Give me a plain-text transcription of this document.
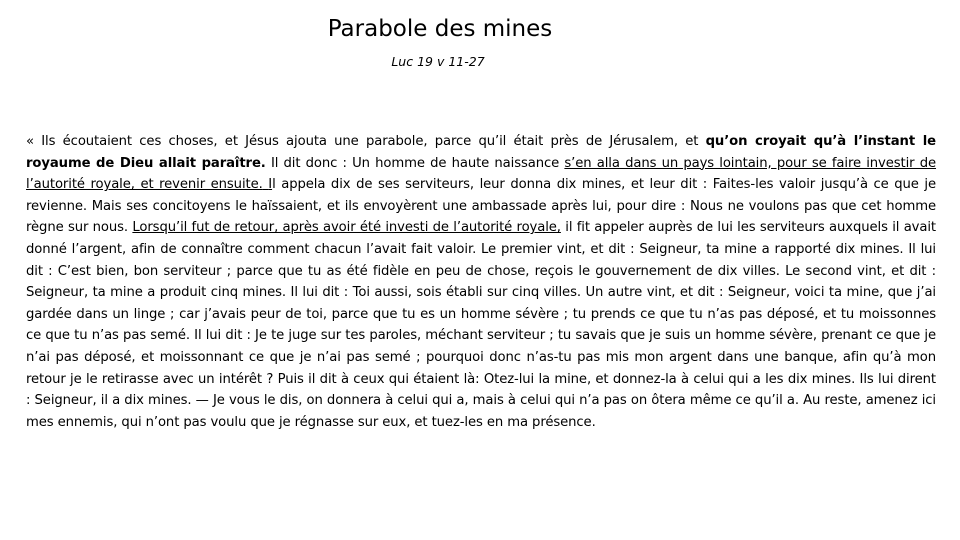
Parabole des mines

Luc 19 v 11-27

« Ils écoutaient ces choses, et Jésus ajouta une parabole, parce qu’il était près de Jérusalem, et qu’on croyait qu’à l’instant le royaume de Dieu allait paraître. Il dit donc : Un homme de haute naissance s’en alla dans un pays lointain, pour se faire investir de l’autorité royale, et revenir ensuite. Il appela dix de ses serviteurs, leur donna dix mines, et leur dit : Faites-les valoir jusqu’à ce que je revienne. Mais ses concitoyens le haïssaient, et ils envoyèrent une ambassade après lui, pour dire : Nous ne voulons pas que cet homme règne sur nous. Lorsqu’il fut de retour, après avoir été investi de l’autorité royale, il fit appeler auprès de lui les serviteurs auxquels il avait donné l’argent, afin de connaître comment chacun l’avait fait valoir. Le premier vint, et dit : Seigneur, ta mine a rapporté dix mines. Il lui dit : C’est bien, bon serviteur ; parce que tu as été fidèle en peu de chose, reçois le gouvernement de dix villes. Le second vint, et dit : Seigneur, ta mine a produit cinq mines. Il lui dit : Toi aussi, sois établi sur cinq villes. Un autre vint, et dit : Seigneur, voici ta mine, que j’ai gardée dans un linge ; car j’avais peur de toi, parce que tu es un homme sévère ; tu prends ce que tu n’as pas déposé, et tu moissonnes ce que tu n’as pas semé. Il lui dit : Je te juge sur tes paroles, méchant serviteur ; tu savais que je suis un homme sévère, prenant ce que je n’ai pas déposé, et moissonnant ce que je n’ai pas semé ; pourquoi donc n’as-tu pas mis mon argent dans une banque, afin qu’à mon retour je le retirasse avec un intérêt ? Puis il dit à ceux qui étaient là: Otez-lui la mine, et donnez-la à celui qui a les dix mines. Ils lui dirent : Seigneur, il a dix mines. — Je vous le dis, on donnera à celui qui a, mais à celui qui n’a pas on ôtera même ce qu’il a. Au reste, amenez ici mes ennemis, qui n’ont pas voulu que je régnasse sur eux, et tuez-les en ma présence.
